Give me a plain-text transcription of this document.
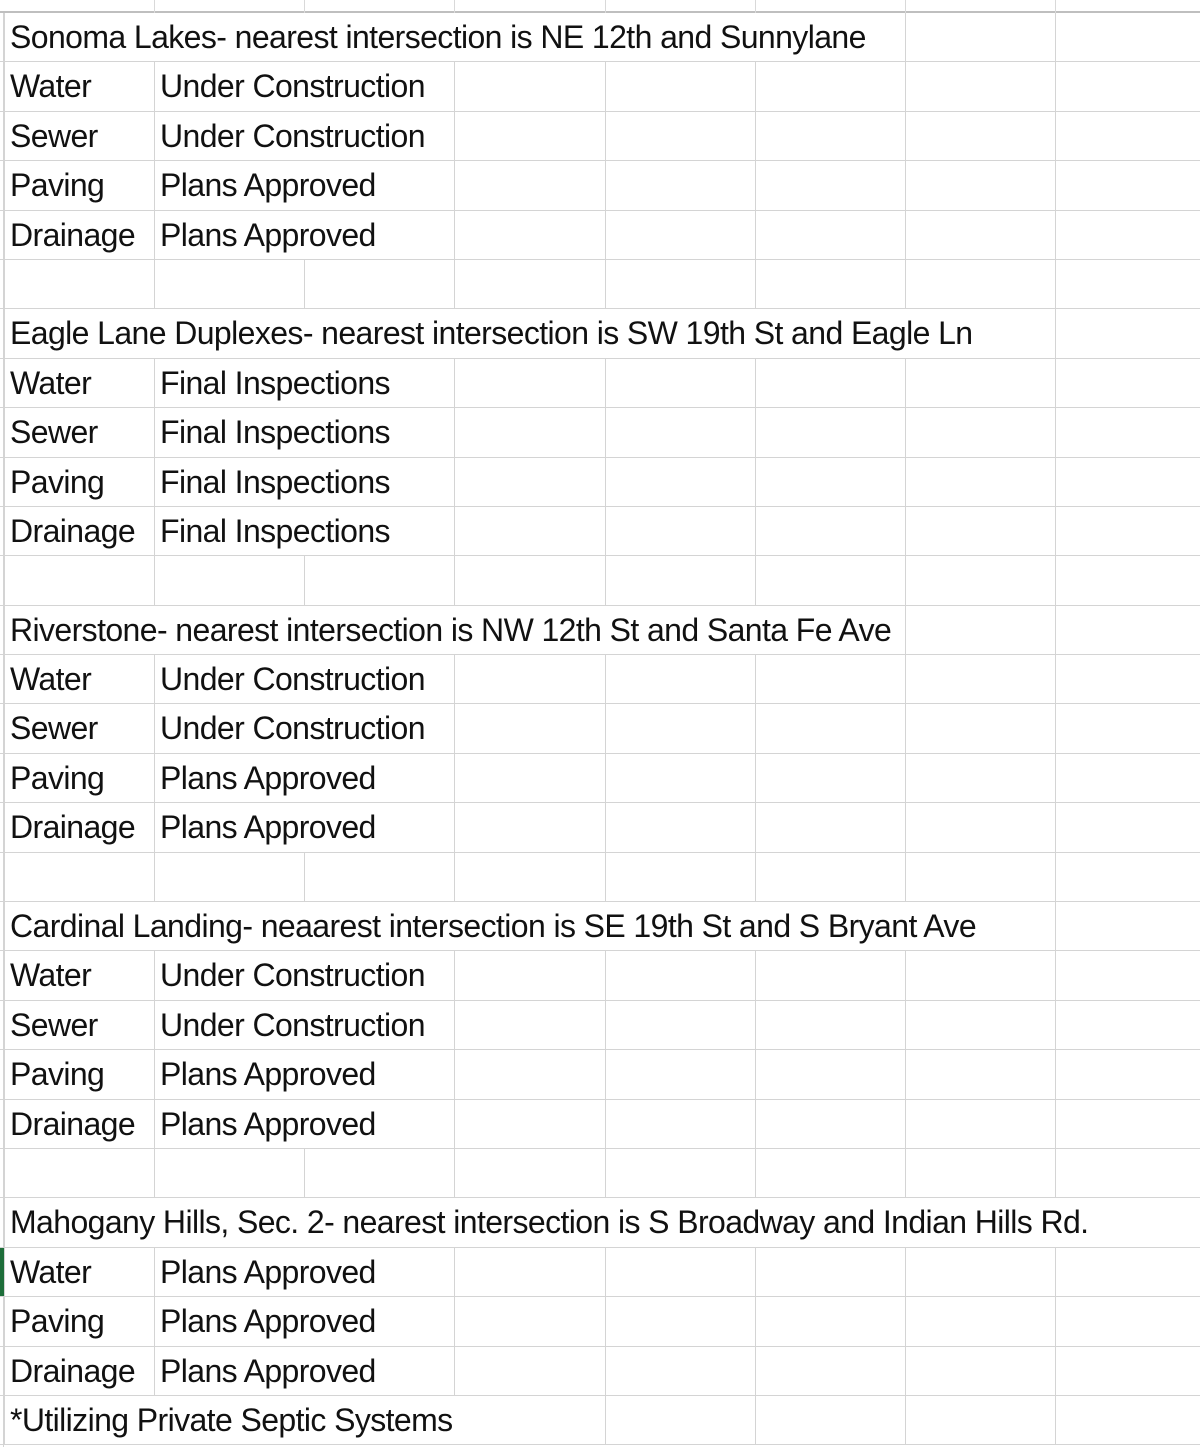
Sonoma Lakes- nearest intersection is NE 12th and Sunnylane
Water Under Construction
Sewer Under Construction
Paving Plans Approved
Drainage Plans Approved
Eagle Lane Duplexes- nearest intersection is SW 19th St and Eagle Ln
Water Final Inspections
Sewer Final Inspections
Paving Final Inspections
Drainage Final Inspections
Riverstone- nearest intersection is NW 12th St and Santa Fe Ave
Water Under Construction
Sewer Under Construction
Paving Plans Approved
Drainage Plans Approved
Cardinal Landing- neaarest intersection is SE 19th St and S Bryant Ave
Water Under Construction
Sewer Under Construction
Paving Plans Approved
Drainage Plans Approved
Mahogany Hills, Sec. 2- nearest intersection is S Broadway and Indian Hills Rd.
Water Plans Approved
Paving Plans Approved
Drainage Plans Approved
*Utilizing Private Septic Systems
